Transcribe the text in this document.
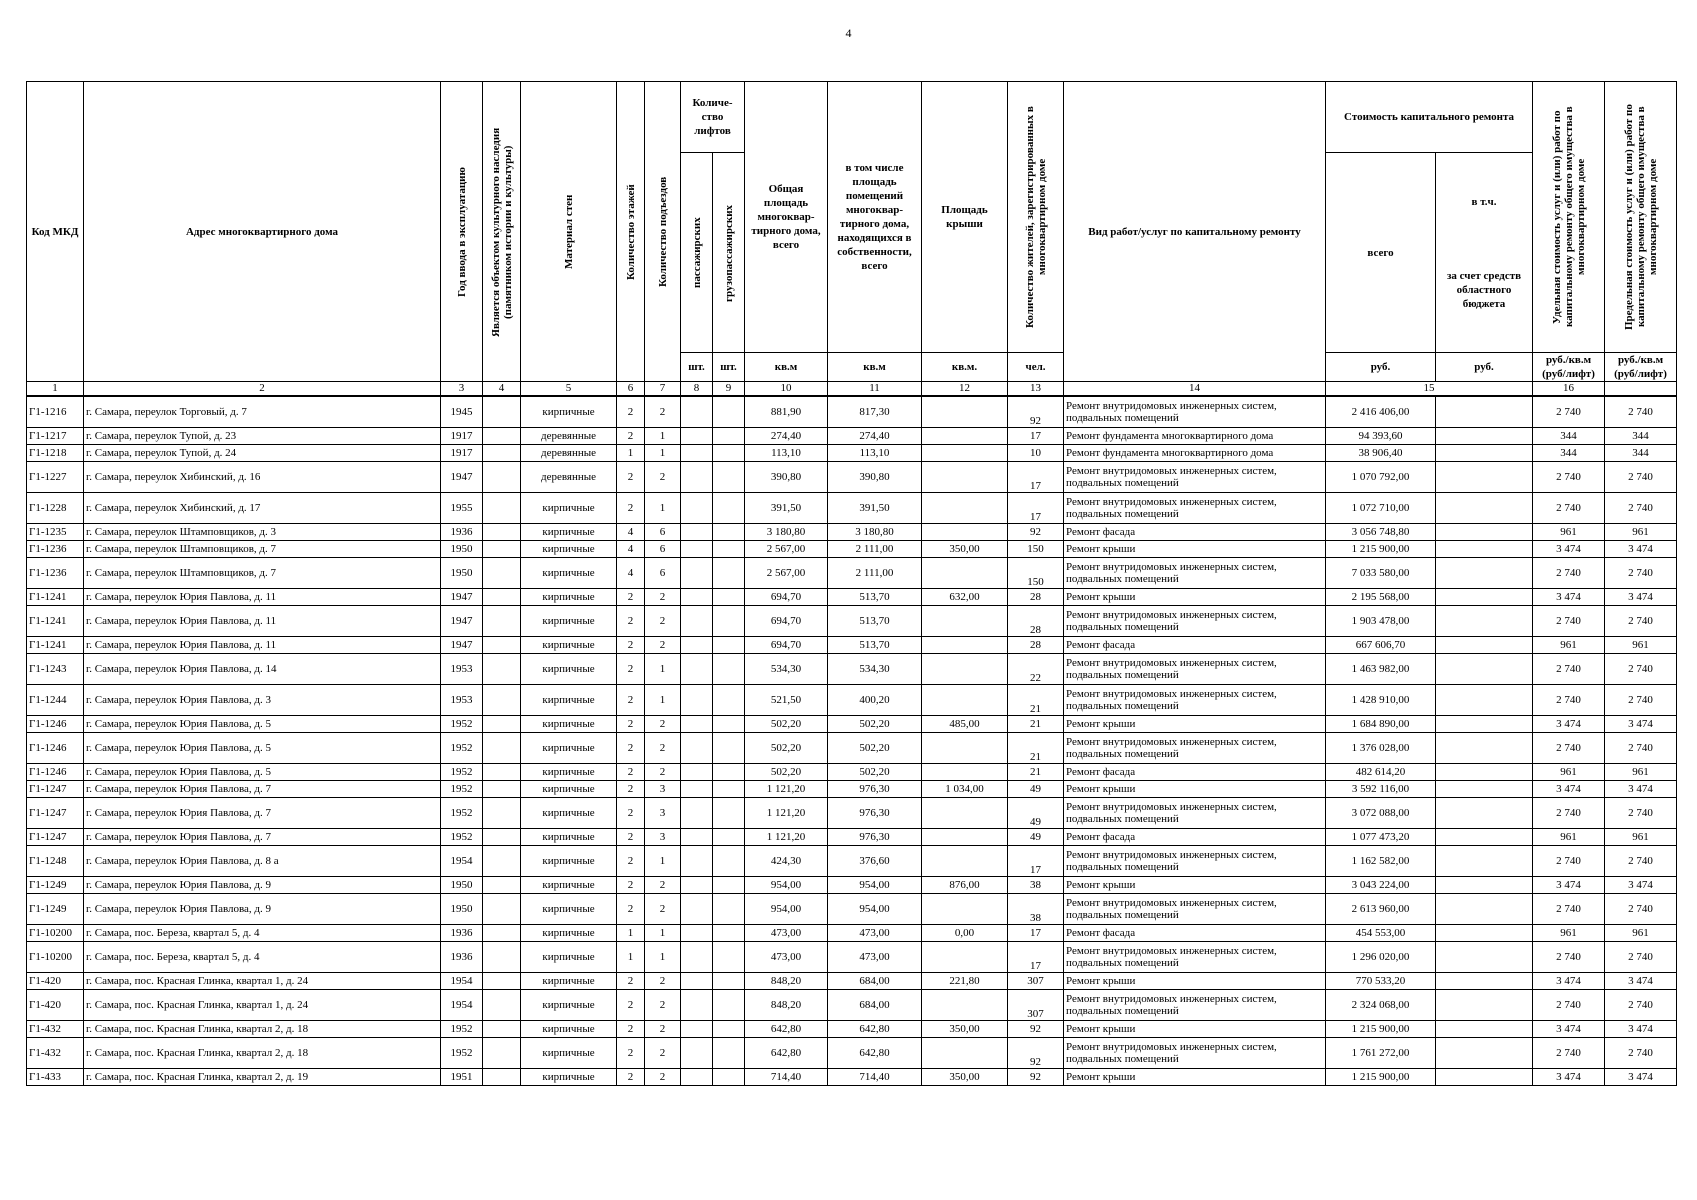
4
Код МКД	Адрес многоквартирного дома	Год ввода в эксплуатацию	Является объектом культурного наследия (памятником истории и культуры)	Материал стен	Количество этажей	Количество подъездов	Количе-ство лифтов		Общая площадь многоквар-тирного дома, всего	в том числе площадь помещений многоквар-тирного дома, находящихся в собственности, всего	Площадь крыши	Количество жителей, зарегистрированных в многоквартирном доме	Вид работ/услуг по капитальному ремонту	Стоимость капитального ремонта		Удельная стоимость услуг и (или) работ по капитальному ремонту общего имущества в многоквартирном доме	Предельная стоимость услуг и (или) работ по капитальному ремонту общего имущества в многоквартирном доме

							пассажирских	грузопассажирских						всего	в т.ч.
за счет средств областного бюджета		

							шт.	шт.	кв.м	кв.м	кв.м.	чел.		руб.	руб.	руб./кв.м (руб/лифт)	руб./кв.м (руб/лифт)
1	2	3	4	5	6	7	8	9	10	11	12	13	14	15		16	
Г1-1216	г. Самара, переулок Торговый, д. 7	1945		кирпичные	2	2			881,90	817,30		92	Ремонт внутридомовых инженерных систем, подвальных помещений	2 416 406,00		2 740	2 740
Г1-1217	г. Самара, переулок Тупой, д. 23	1917		деревянные	2	1			274,40	274,40		17	Ремонт фундамента многоквартирного дома	94 393,60		344	344
Г1-1218	г. Самара, переулок Тупой, д. 24	1917		деревянные	1	1			113,10	113,10		10	Ремонт фундамента многоквартирного дома	38 906,40		344	344
Г1-1227	г. Самара, переулок Хибинский, д. 16	1947		деревянные	2	2			390,80	390,80		17	Ремонт внутридомовых инженерных систем, подвальных помещений	1 070 792,00		2 740	2 740
Г1-1228	г. Самара, переулок Хибинский, д. 17	1955		кирпичные	2	1			391,50	391,50		17	Ремонт внутридомовых инженерных систем, подвальных помещений	1 072 710,00		2 740	2 740
Г1-1235	г. Самара, переулок Штамповщиков, д. 3	1936		кирпичные	4	6			3 180,80	3 180,80		92	Ремонт фасада	3 056 748,80		961	961
Г1-1236	г. Самара, переулок Штамповщиков, д. 7	1950		кирпичные	4	6			2 567,00	2 111,00	350,00	150	Ремонт крыши	1 215 900,00		3 474	3 474
Г1-1236	г. Самара, переулок Штамповщиков, д. 7	1950		кирпичные	4	6			2 567,00	2 111,00		150	Ремонт внутридомовых инженерных систем, подвальных помещений	7 033 580,00		2 740	2 740
Г1-1241	г. Самара, переулок Юрия Павлова, д. 11	1947		кирпичные	2	2			694,70	513,70	632,00	28	Ремонт крыши	2 195 568,00		3 474	3 474
Г1-1241	г. Самара, переулок Юрия Павлова, д. 11	1947		кирпичные	2	2			694,70	513,70		28	Ремонт внутридомовых инженерных систем, подвальных помещений	1 903 478,00		2 740	2 740
Г1-1241	г. Самара, переулок Юрия Павлова, д. 11	1947		кирпичные	2	2			694,70	513,70		28	Ремонт фасада	667 606,70		961	961
Г1-1243	г. Самара, переулок Юрия Павлова, д. 14	1953		кирпичные	2	1			534,30	534,30		22	Ремонт внутридомовых инженерных систем, подвальных помещений	1 463 982,00		2 740	2 740
Г1-1244	г. Самара, переулок Юрия Павлова, д. 3	1953		кирпичные	2	1			521,50	400,20		21	Ремонт внутридомовых инженерных систем, подвальных помещений	1 428 910,00		2 740	2 740
Г1-1246	г. Самара, переулок Юрия Павлова, д. 5	1952		кирпичные	2	2			502,20	502,20	485,00	21	Ремонт крыши	1 684 890,00		3 474	3 474
Г1-1246	г. Самара, переулок Юрия Павлова, д. 5	1952		кирпичные	2	2			502,20	502,20		21	Ремонт внутридомовых инженерных систем, подвальных помещений	1 376 028,00		2 740	2 740
Г1-1246	г. Самара, переулок Юрия Павлова, д. 5	1952		кирпичные	2	2			502,20	502,20		21	Ремонт фасада	482 614,20		961	961
Г1-1247	г. Самара, переулок Юрия Павлова, д. 7	1952		кирпичные	2	3			1 121,20	976,30	1 034,00	49	Ремонт крыши	3 592 116,00		3 474	3 474
Г1-1247	г. Самара, переулок Юрия Павлова, д. 7	1952		кирпичные	2	3			1 121,20	976,30		49	Ремонт внутридомовых инженерных систем, подвальных помещений	3 072 088,00		2 740	2 740
Г1-1247	г. Самара, переулок Юрия Павлова, д. 7	1952		кирпичные	2	3			1 121,20	976,30		49	Ремонт фасада	1 077 473,20		961	961
Г1-1248	г. Самара, переулок Юрия Павлова, д. 8 а	1954		кирпичные	2	1			424,30	376,60		17	Ремонт внутридомовых инженерных систем, подвальных помещений	1 162 582,00		2 740	2 740
Г1-1249	г. Самара, переулок Юрия Павлова, д. 9	1950		кирпичные	2	2			954,00	954,00	876,00	38	Ремонт крыши	3 043 224,00		3 474	3 474
Г1-1249	г. Самара, переулок Юрия Павлова, д. 9	1950		кирпичные	2	2			954,00	954,00		38	Ремонт внутридомовых инженерных систем, подвальных помещений	2 613 960,00		2 740	2 740
Г1-10200	г. Самара, пос. Береза, квартал 5, д. 4	1936		кирпичные	1	1			473,00	473,00	0,00	17	Ремонт фасада	454 553,00		961	961
Г1-10200	г. Самара, пос. Береза, квартал 5, д. 4	1936		кирпичные	1	1			473,00	473,00		17	Ремонт внутридомовых инженерных систем, подвальных помещений	1 296 020,00		2 740	2 740
Г1-420	г. Самара, пос. Красная Глинка, квартал 1, д. 24	1954		кирпичные	2	2			848,20	684,00	221,80	307	Ремонт крыши	770 533,20		3 474	3 474
Г1-420	г. Самара, пос. Красная Глинка, квартал 1, д. 24	1954		кирпичные	2	2			848,20	684,00		307	Ремонт внутридомовых инженерных систем, подвальных помещений	2 324 068,00		2 740	2 740
Г1-432	г. Самара, пос. Красная Глинка, квартал 2, д. 18	1952		кирпичные	2	2			642,80	642,80	350,00	92	Ремонт крыши	1 215 900,00		3 474	3 474
Г1-432	г. Самара, пос. Красная Глинка, квартал 2, д. 18	1952		кирпичные	2	2			642,80	642,80		92	Ремонт внутридомовых инженерных систем, подвальных помещений	1 761 272,00		2 740	2 740
Г1-433	г. Самара, пос. Красная Глинка, квартал 2, д. 19	1951		кирпичные	2	2			714,40	714,40	350,00	92	Ремонт крыши	1 215 900,00		3 474	3 474
